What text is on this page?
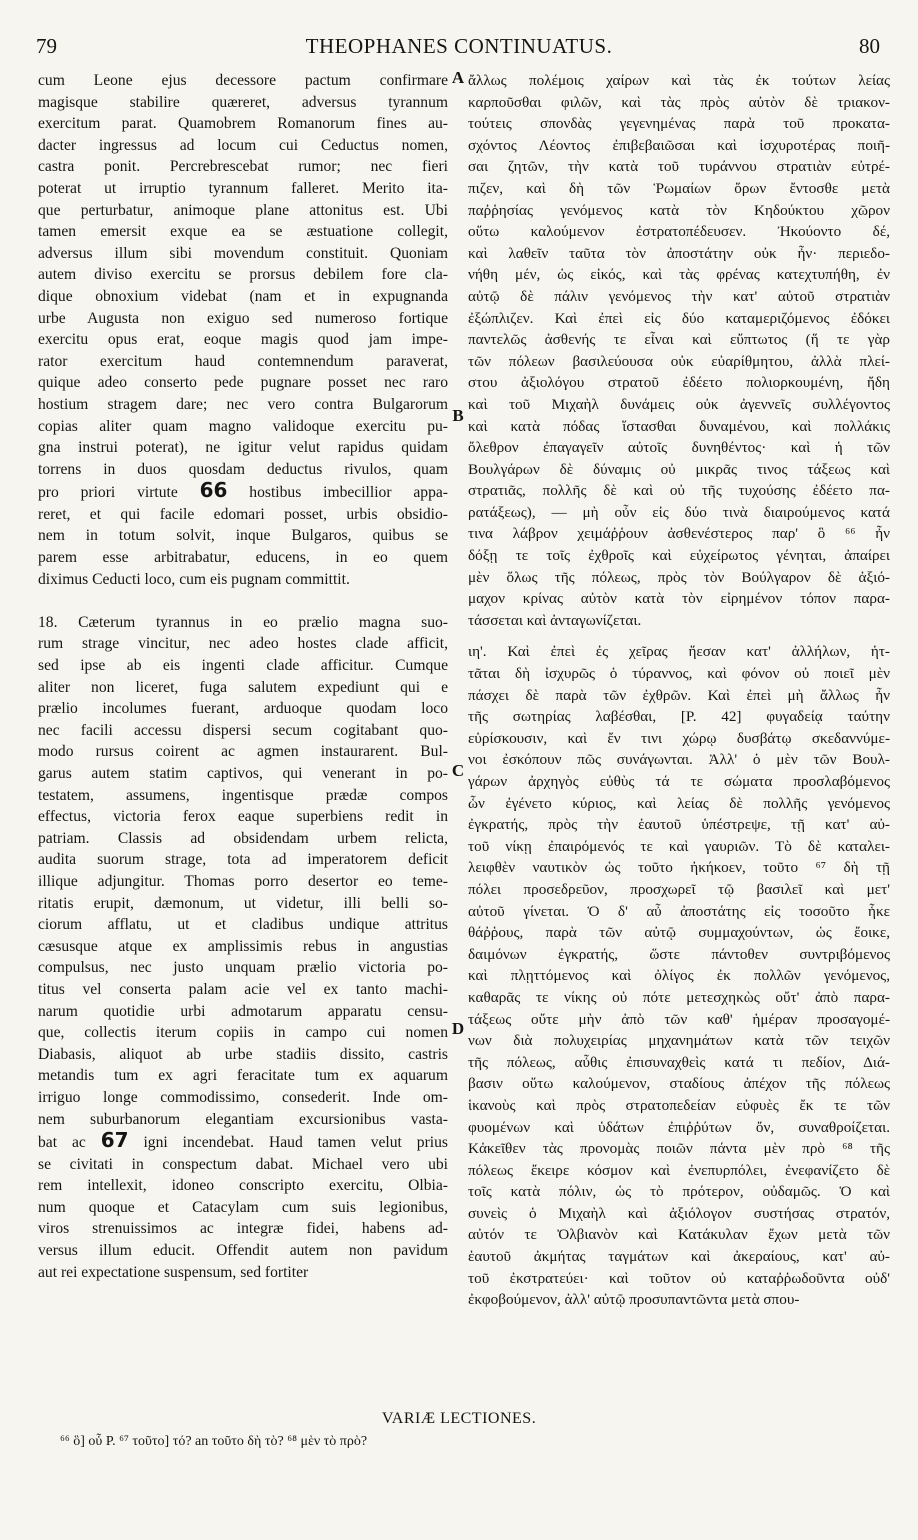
79	THEOPHANES CONTINUATUS.	80
cum Leone ejus decessore pactum confirmare
magisque stabilire quæreret, adversus tyrannum
exercitum parat. Quamobrem Romanorum fines au-
dacter ingressus ad locum cui Ceductus nomen,
castra ponit. Percrebrescebat rumor; nec fieri
poterat ut irruptio tyrannum falleret. Merito ita-
que perturbatur, animoque plane attonitus est. Ubi
tamen emersit exque ea se æstuatione collegit,
adversus illum sibi movendum constituit. Quoniam
autem diviso exercitu se prorsus debilem fore cla-
dique obnoxium videbat (nam et in expugnanda
urbe Augusta non exiguo sed numeroso fortique
exercitu opus erat, eoque magis quod jam impe-
rator exercitum haud contemnendum paraverat,
quique adeo conserto pede pugnare posset nec raro
hostium stragem dare; nec vero contra Bulgarorum
copias aliter quam magno validoque exercitu pu-
gna instrui poterat), ne igitur velut rapidus quidam
torrens in duos quosdam deductus rivulos, quam
pro priori virtute 66 hostibus imbecillior appa-
reret, et qui facile edomari posset, urbis obsidio-
nem in totum solvit, inque Bulgaros, quibus se
parem esse arbitrabatur, educens, in eo quem
diximus Ceducti loco, cum eis pugnam committit.
18. Cæterum tyrannus in eo prælio magna suo-
rum strage vincitur, nec adeo hostes clade afficit,
sed ipse ab eis ingenti clade afficitur. Cumque
aliter non liceret, fuga salutem expediunt qui e
prælio incolumes fuerant, arduoque quodam loco
nec facili accessu dispersi secum cogitabant quo-
modo rursus coirent ac agmen instaurarent. Bul-
garus autem statim captivos, qui venerant in po-
testatem, assumens, ingentisque prædæ compos
effectus, victoria ferox eaque superbiens redit in
patriam. Classis ad obsidendam urbem relicta,
audita suorum strage, tota ad imperatorem deficit
illique adjungitur. Thomas porro desertor eo teme-
ritatis erupit, dæmonum, ut videtur, illi belli so-
ciorum afflatu, ut et cladibus undique attritus
cæsusque atque ex amplissimis rebus in angustias
compulsus, nec justo unquam prælio victoria po-
titus vel conserta palam acie vel ex tanto machi-
narum quotidie urbi admotarum apparatu censu-
que, collectis iterum copiis in campo cui nomen
Diabasis, aliquot ab urbe stadiis dissito, castris
metandis tum ex agri feracitate tum ex aquarum
irriguo longe commodissimo, consederit. Inde om-
nem suburbanorum elegantiam excursionibus vasta-
bat ac 67 igni incendebat. Haud tamen velut prius
se civitati in conspectum dabat. Michael vero ubi
rem intellexit, idoneo conscripto exercitu, Olbia-
num quoque et Catacylam cum suis legionibus,
viros strenuissimos ac integræ fidei, habens ad-
versus illum educit. Offendit autem non pavidum
aut rei expectatione suspensum, sed fortiter
ἄλλως πολέμοις χαίρων καὶ τὰς ἐκ τούτων λείας
καρποῦσθαι φιλῶν, καὶ τὰς πρὸς αὐτὸν δὲ τριακον-
τούτεις σπονδὰς γεγενημένας παρὰ τοῦ προκατα-
σχόντος Λέοντος ἐπιβεβαιῶσαι καὶ ἰσχυροτέρας ποιῆ-
σαι ζητῶν, τὴν κατὰ τοῦ τυράννου στρατιὰν εὐτρέ-
πιζεν, καὶ δὴ τῶν Ῥωμαίων ὅρων ἔντοσθε μετὰ
παῤῥησίας γενόμενος κατὰ τὸν Κηδούκτου χῶρον
οὕτω καλούμενον ἐστρατοπέδευσεν. Ἠκούοντο δέ,
καὶ λαθεῖν ταῦτα τὸν ἀποστάτην οὐκ ἦν· περιεδο-
νήθη μέν, ὡς εἰκός, καὶ τὰς φρένας κατεχτυπήθη, ἐν
αὐτῷ δὲ πάλιν γενόμενος τὴν κατ' αὐτοῦ στρατιὰν
ἐξώπλιζεν. Καὶ ἐπεὶ εἰς δύο καταμεριζόμενος ἐδόκει
παντελῶς ἀσθενής τε εἶναι καὶ εὔπτωτος (ἥ τε γὰρ
τῶν πόλεων βασιλεύουσα οὐκ εὐαρίθμητου, ἀλλὰ πλεί-
στου ἀξιολόγου στρατοῦ ἐδέετο πολιορκουμένη, ἤδη
καὶ τοῦ Μιχαὴλ δυνάμεις οὐκ ἀγεννεῖς συλλέγοντος
καὶ κατὰ πόδας ἵστασθαι δυναμένου, καὶ πολλάκις
ὄλεθρον ἐπαγαγεῖν αὐτοῖς δυνηθέντος· καὶ ἡ τῶν
Βουλγάρων δὲ δύναμις οὐ μικρᾶς τινος τάξεως καὶ
στρατιᾶς, πολλῆς δὲ καὶ οὐ τῆς τυχούσης ἐδέετο πα-
ρατάξεως), — μὴ οὖν εἰς δύο τινὰ διαιρούμενος κατά
τινα λάβρον χειμάῤῥουν ἀσθενέστερος παρ' ὃ ⁶⁶ ἦν
δόξῃ τε τοῖς ἐχθροῖς καὶ εὐχείρωτος γένηται, ἀπαίρει
μὲν ὅλως τῆς πόλεως, πρὸς τὸν Βούλγαρον δὲ ἀξιό-
μαχον κρίνας αὐτὸν κατὰ τὸν εἰρημένον τόπον παρα-
τάσσεται καὶ ἀνταγωνίζεται.
ιη'. Καὶ ἐπεὶ ἐς χεῖρας ἥεσαν κατ' ἀλλήλων, ἡτ-
τᾶται δὴ ἰσχυρῶς ὁ τύραννος, καὶ φόνον οὐ ποιεῖ μὲν
πάσχει δὲ παρὰ τῶν ἐχθρῶν. Καὶ ἐπεὶ μὴ ἄλλως ἦν
τῆς σωτηρίας λαβέσθαι, [P. 42] φυγαδείᾳ ταύτην
εὑρίσκουσιν, καὶ ἔν τινι χώρῳ δυσβάτῳ σκεδαννύμε-
νοι ἐσκόπουν πῶς συνάγωνται. Ἀλλ' ὁ μὲν τῶν Βουλ-
γάρων ἀρχηγὸς εὐθὺς τά τε σώματα προσλαβόμενος
ὧν ἐγένετο κύριος, καὶ λείας δὲ πολλῆς γενόμενος
ἐγκρατής, πρὸς τὴν ἑαυτοῦ ὑπέστρεψε, τῇ κατ' αὐ-
τοῦ νίκῃ ἐπαιρόμενός τε καὶ γαυριῶν. Τὸ δὲ καταλει-
λειφθὲν ναυτικὸν ὡς τοῦτο ἠκήκοεν, τοῦτο ⁶⁷ δὴ τῇ
πόλει προσεδρεῦον, προσχωρεῖ τῷ βασιλεῖ καὶ μετ'
αὐτοῦ γίνεται. Ὁ δ' αὖ ἀποστάτης εἰς τοσοῦτο ἧκε
θάῤῥους, παρὰ τῶν αὐτῷ συμμαχούντων, ὡς ἔοικε,
δαιμόνων ἐγκρατής, ὥστε πάντοθεν συντριβόμενος
καὶ πλῃττόμενος καὶ ὀλίγος ἐκ πολλῶν γενόμενος,
καθαρᾶς τε νίκης οὐ πότε μετεσχηκὼς οὔτ' ἀπὸ παρα-
τάξεως οὔτε μὴν ἀπὸ τῶν καθ' ἡμέραν προσαγομέ-
νων διὰ πολυχειρίας μηχανημάτων κατὰ τῶν τειχῶν
τῆς πόλεως, αὖθις ἐπισυναχθεὶς κατά τι πεδίον, Διά-
βασιν οὕτω καλούμενον, σταδίους ἀπέχον τῆς πόλεως
ἱκανοὺς καὶ πρὸς στρατοπεδείαν εὐφυὲς ἔκ τε τῶν
φυομένων καὶ ὑδάτων ἐπιῤῥύτων ὄν, συναθροίζεται.
Κἀκεῖθεν τὰς προνομὰς ποιῶν πάντα μὲν πρὸ ⁶⁸ τῆς
πόλεως ἔκειρε κόσμον καὶ ἐνεπυρπόλει, ἐνεφανίζετο δὲ
τοῖς κατὰ πόλιν, ὡς τὸ πρότερον, οὐδαμῶς. Ὁ καὶ
συνεὶς ὁ Μιχαὴλ καὶ ἀξιόλογον συστήσας στρατόν,
αὐτόν τε Ὀλβιανὸν καὶ Κατάκυλαν ἔχων μετὰ τῶν
ἑαυτοῦ ἀκμήτας ταγμάτων καὶ ἀκεραίους, κατ' αὐ-
τοῦ ἐκστρατεύει· καὶ τοῦτον οὐ καταῤῥωδοῦντα οὐδ'
ἐκφοβούμενον, ἀλλ' αὐτῷ προσυπαντῶντα μετὰ σπου-
A
B
C
D
VARIÆ LECTIONES.
⁶⁶ ὃ] οὗ P. ⁶⁷ τοῦτο] τό? an τοῦτο δὴ τὸ? ⁶⁸ μὲν τὸ πρὸ?
